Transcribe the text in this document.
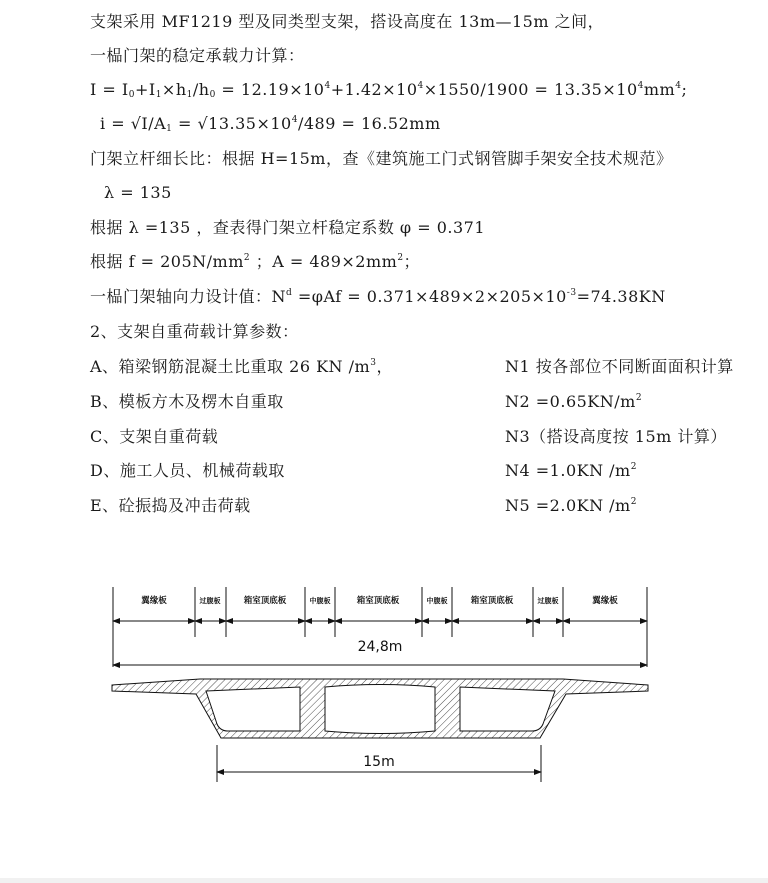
支架采用 MF1219 型及同类型支架，搭设高度在 13m—15m 之间，
一榀门架的稳定承载力计算：
$I = I_0+I_1\times h_1/h_0 = 12.19\times 10^4+1.42\times 10^4\times 1550/1900 = 13.35\times 10^4mm^4$;
$i = √I/A_1 = √13.35\times 10^4/489 = 16.52mm$
门架立杆细长比：根据 H=15m，查《建筑施工门式钢管脚手架安全技术规范》
λ = 135
根据 λ =135 ，查表得门架立杆稳定系数 φ = 0.371
根据 $f = 205N/mm^2$ ；$A = 489\times 2mm^2$；
一榀门架轴向力设计值：$N^d =\varphi Af = 0.371\times 489\times 2\times 205\times 10^{-3}=74.38KN$
2、支架自重荷载计算参数：
A、箱梁钢筋混凝土比重取 26 KN $/m^3$，	N1 按各部位不同断面面积计算
B、模板方木及楞木自重取	$N2 =0.65KN/m^2$
C、支架自重荷载	N3（搭设高度按 15m 计算）
D、施工人员、机械荷载取	N4 =1.0KN $/m^2$
E、砼振捣及冲击荷载	N5 =2.0KN $/m^2$
翼缘板	过腹板	箱室顶底板	中腹板	箱室顶底板	中腹板	箱室顶底板	过腹板	翼缘板
24,8m
15m
